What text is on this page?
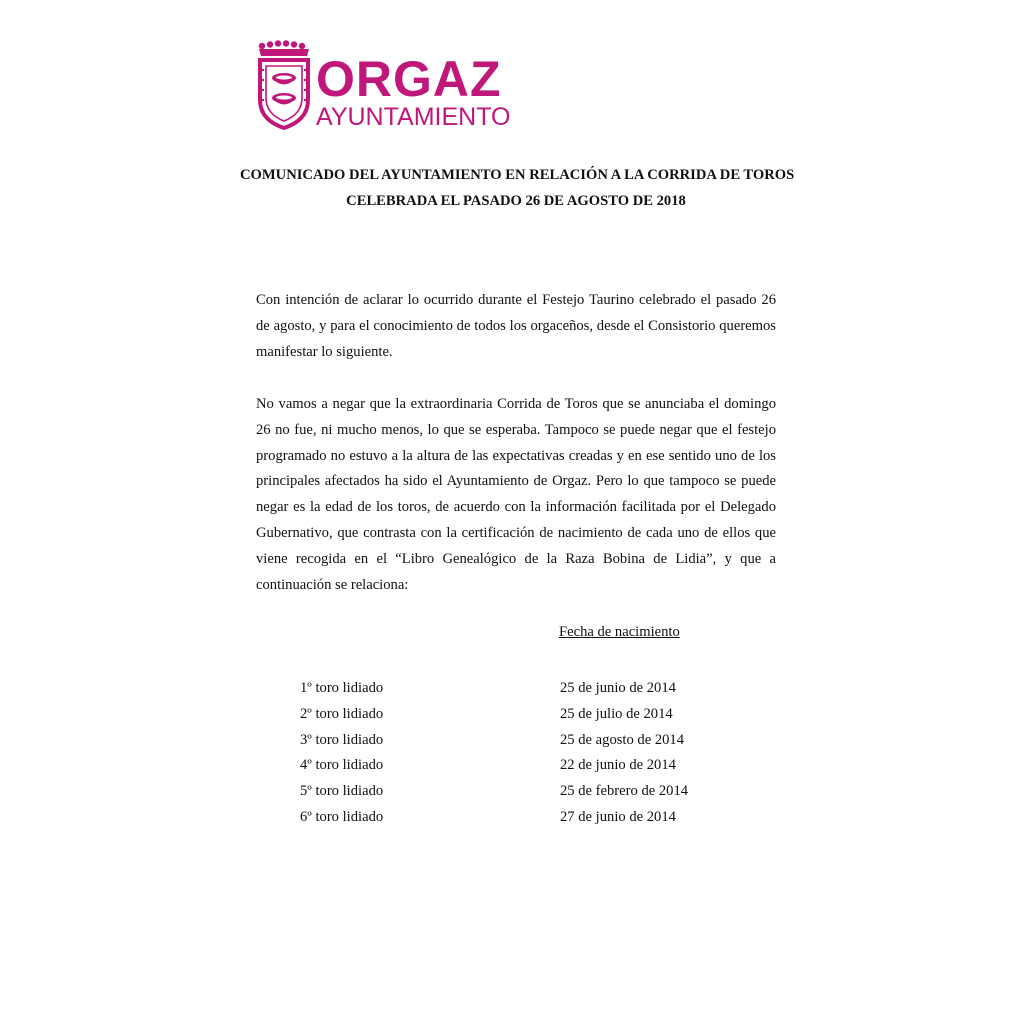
ORGAZ
AYUNTAMIENTO
COMUNICADO DEL AYUNTAMIENTO EN RELACIÓN A LA CORRIDA DE TOROS
CELEBRADA EL PASADO 26 DE AGOSTO DE 2018

Con intención de aclarar lo ocurrido durante el Festejo Taurino celebrado el pasado 26 de agosto, y para el conocimiento de todos los orgaceños, desde el Consistorio queremos manifestar lo siguiente.

No vamos a negar que la extraordinaria Corrida de Toros que se anunciaba el domingo 26 no fue, ni mucho menos, lo que se esperaba. Tampoco se puede negar que el festejo programado no estuvo a la altura de las expectativas creadas y en ese sentido uno de los principales afectados ha sido el Ayuntamiento de Orgaz. Pero lo que tampoco se puede negar es la edad de los toros, de acuerdo con la información facilitada por el Delegado Gubernativo, que contrasta con la certificación de nacimiento de cada uno de ellos que viene recogida en el “Libro Genealógico de la Raza Bobina de Lidia”, y que a continuación se relaciona:

Fecha de nacimiento
1º toro lidiado	25 de junio de 2014
2º toro lidiado	25 de julio de 2014
3º toro lidiado	25 de agosto de 2014
4º toro lidiado	22 de junio de 2014
5º toro lidiado	25 de febrero de 2014
6º toro lidiado	27 de junio de 2014
